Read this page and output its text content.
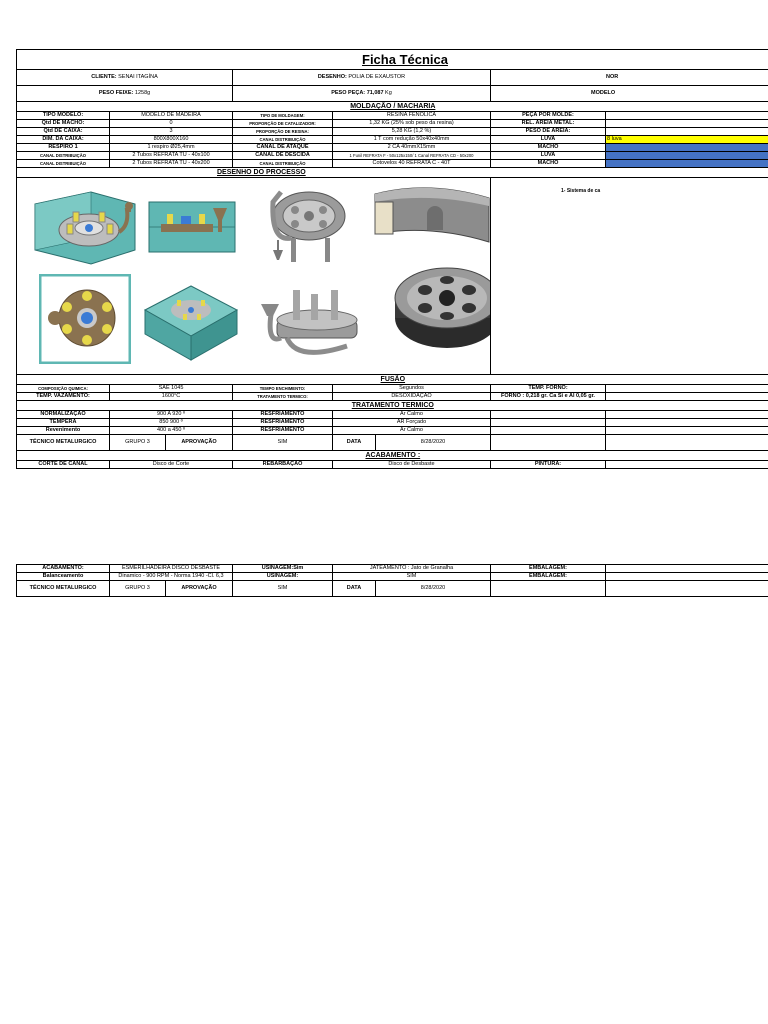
Ficha Técnica						
CLIENTE: SENAI ITAGÍNA		DESENHO: POLIA DE EXAUSTOR			NOR	
PESO FEIXE: 1258g		PESO PEÇA: 71,087 Kg			MODELO	
MOLDAÇÃO / MACHARIA						
TIPO MODELO:	MODELO DE MADEIRA	TIPO DE MOLDAGEM:	RESINA FENOLICA		PEÇA POR MOLDE:	
Qtd DE MACHO:	0	PROPORÇÃO DE CATALIZADOR:	1,32 KG (25% sob peso da resina)		REL. AREIA METAL:	
Qtd DE CAIXA:	3	PROPORÇÃO DE RESINA:	5,28 KG (1,2 %)		PESO DE AREIA:	
DIM. DA CAIXA:	800X800X160	CANAL DISTRIBUIÇÃO	1 T com redução 50x40x40mm		LUVA	8 luva
RESPIRO 1	1 respiro Ø25,4mm	CANAL DE ATAQUE	2 CA 40mmX15mm		MACHO	
CANAL DISTRIBUIÇÃO	2 Tubos REFRATA TU - 40x100	CANAL DE DESCIDA	1 Funil REFRATA F - 50x125x150/ 1 Canal REFRATA CD - 50x200		LUVA	
CANAL DISTRIBUIÇÃO	2 Tubos REFRATA TU - 40x200	CANAL DISTRIBUIÇÃO	Cotovelos 40 REFRATA C - 40T		MACHO	
DESENHO DO PROCESSO						

1- Sistema de ca	

FUSÃO						
COMPOSIÇÃO QUIMICA:	SAE 1045	TEMPO ENCHIMENTO:	Segundos		TEMP. FORNO:	
TEMP. VAZAMENTO:	1600°C	TRATAMENTO TERMICO:	DESOXIDAÇÃO		FORNO : 0,218 gr. Ca Si e Al 0,05 gr.	
TRATAMENTO TERMICO						
NORMALIZAÇÃO	900 A 920 º	RESFRIAMENTO	Ar Calmo			
TEMPERA	850 900 º	RESFRIAMENTO	AR Forçado			
Revenimento	400 a 450 º	RESFRIAMENTO	Ar Calmo			
TÉCNICO METALURGICO	GRUPO 3 APROVAÇÃO	SIM	DATA	8/28/2020		
ACABAMENTO :						
CORTE DE CANAL	Disco de Corte	REBARBAÇÃO	Disco de Desbaste		PINTURA:	

ACABAMENTO:	ESMERILHADEIRA DISCO DESBASTE	USINAGEM:Sim	JATEAMENTO : Jato de Granalha		EMBALAGEM:	
Balanceamento	Dinamico - 900 RPM - Norma 1940 -Cl. 6,3	USINAGEM:	SIM		EMBALAGEM:	
TÉCNICO METALURGICO	GRUPO 3 APROVAÇÃO	SIM	DATA	8/28/2020		
